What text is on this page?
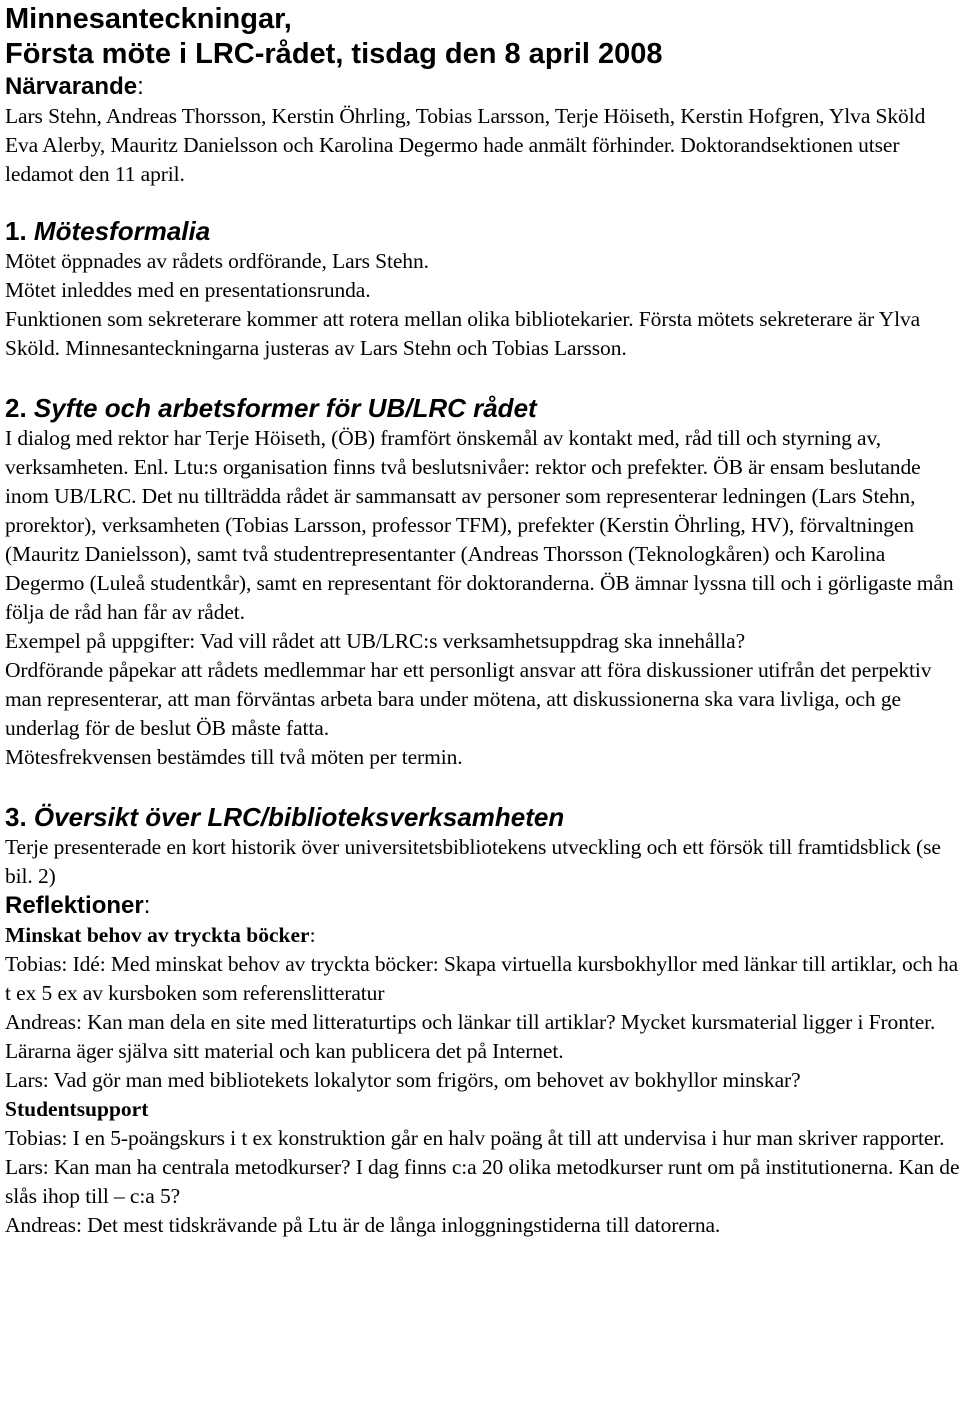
Minnesanteckningar,
Första möte i LRC-rådet, tisdag den 8 april 2008

Närvarande:

Lars Stehn, Andreas Thorsson, Kerstin Öhrling, Tobias Larsson, Terje Höiseth, Kerstin Hofgren, Ylva Sköld

Eva Alerby, Mauritz Danielsson och Karolina Degermo hade anmält förhinder. Doktorandsektionen utser ledamot den 11 april.

1. Mötesformalia

Mötet öppnades av rådets ordförande, Lars Stehn.

Mötet inleddes med en presentationsrunda.

Funktionen som sekreterare kommer att rotera mellan olika bibliotekarier. Första mötets sekreterare är Ylva Sköld. Minnesanteckningarna justeras av Lars Stehn och Tobias Larsson.

2. Syfte och arbetsformer för UB/LRC rådet

I dialog med rektor har Terje Höiseth, (ÖB) framfört önskemål av kontakt med, råd till och styrning av, verksamheten. Enl. Ltu:s organisation finns två beslutsnivåer: rektor och prefekter. ÖB är ensam beslutande inom UB/LRC. Det nu tillträdda rådet är sammansatt av personer som representerar ledningen (Lars Stehn, prorektor), verksamheten (Tobias Larsson, professor TFM), prefekter (Kerstin Öhrling, HV), förvaltningen (Mauritz Danielsson), samt två studentrepresentanter (Andreas Thorsson (Teknologkåren) och Karolina Degermo (Luleå studentkår), samt en representant för doktoranderna. ÖB ämnar lyssna till och i görligaste mån följa de råd han får av rådet.

Exempel på uppgifter: Vad vill rådet att UB/LRC:s verksamhetsuppdrag ska innehålla?

Ordförande påpekar att rådets medlemmar har ett personligt ansvar att föra diskussioner utifrån det perpektiv man representerar, att man förväntas arbeta bara under mötena, att diskussionerna ska vara livliga, och ge underlag för de beslut ÖB måste fatta.

Mötesfrekvensen bestämdes till två möten per termin.

3. Översikt över LRC/biblioteksverksamheten

Terje presenterade en kort historik över universitetsbibliotekens utveckling och ett försök till framtidsblick (se bil. 2)

Reflektioner:

Minskat behov av tryckta böcker:

Tobias: Idé: Med minskat behov av tryckta böcker: Skapa virtuella kursbokhyllor med länkar till artiklar, och ha t ex 5 ex av kursboken som referenslitteratur

Andreas: Kan man dela en site med litteraturtips och länkar till artiklar? Mycket kursmaterial ligger i Fronter. Lärarna äger själva sitt material och kan publicera det på Internet.

Lars: Vad gör man med bibliotekets lokalytor som frigörs, om behovet av bokhyllor minskar?

Studentsupport

Tobias: I en 5-poängskurs i t ex konstruktion går en halv poäng åt till att undervisa i hur man skriver rapporter.

Lars: Kan man ha centrala metodkurser? I dag finns c:a 20 olika metodkurser runt om på institutionerna. Kan de slås ihop till – c:a 5?

Andreas: Det mest tidskrävande på Ltu är de långa inloggningstiderna till datorerna.
